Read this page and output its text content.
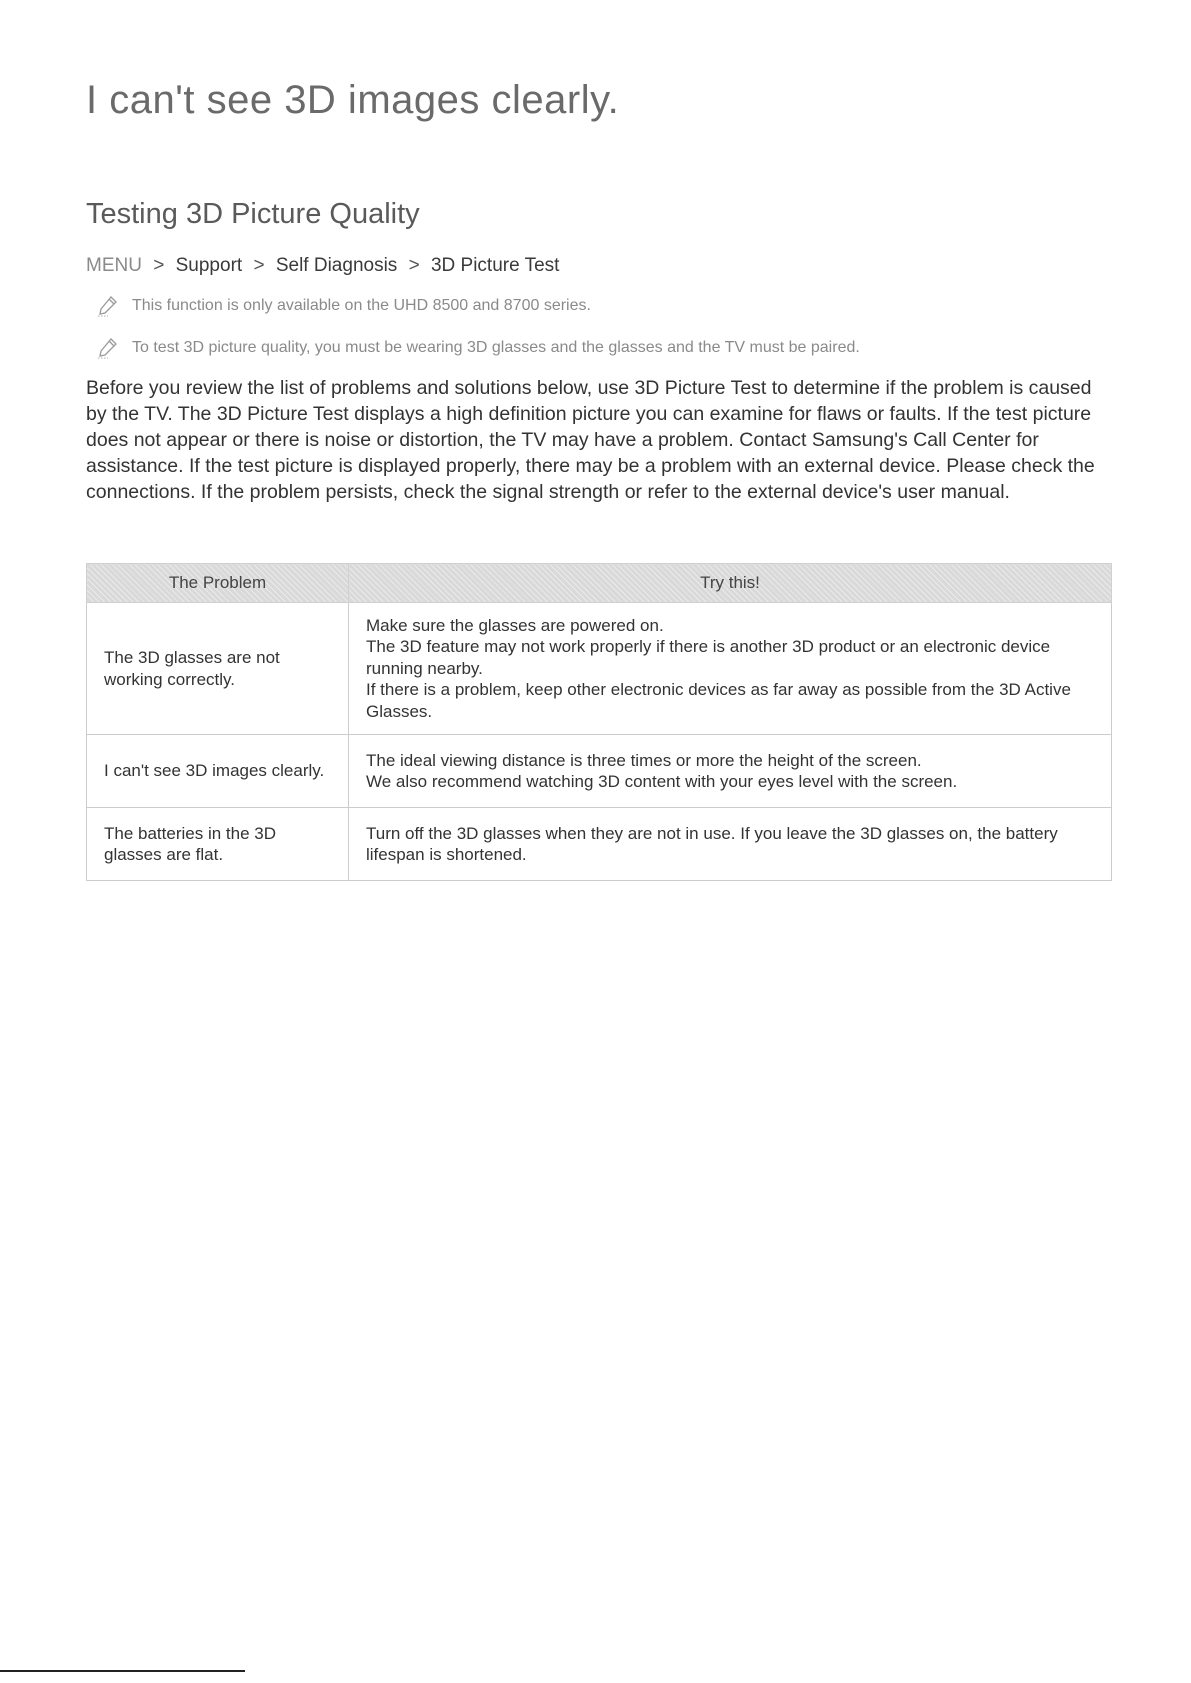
I can't see 3D images clearly.
Testing 3D Picture Quality
MENU > Support > Self Diagnosis > 3D Picture Test
This function is only available on the UHD 8500 and 8700 series.
To test 3D picture quality, you must be wearing 3D glasses and the glasses and the TV must be paired.

Before you review the list of problems and solutions below, use 3D Picture Test to determine if the problem is caused by the TV. The 3D Picture Test displays a high definition picture you can examine for flaws or faults. If the test picture does not appear or there is noise or distortion, the TV may have a problem. Contact Samsung's Call Center for assistance. If the test picture is displayed properly, there may be a problem with an external device. Please check the connections. If the problem persists, check the signal strength or refer to the external device's user manual.

The Problem	Try this!
The 3D glasses are not working correctly.	Make sure the glasses are powered on.
The 3D feature may not work properly if there is another 3D product or an electronic device running nearby.
If there is a problem, keep other electronic devices as far away as possible from the 3D Active Glasses.

I can't see 3D images clearly.	The ideal viewing distance is three times or more the height of the screen.
We also recommend watching 3D content with your eyes level with the screen.

The batteries in the 3D glasses are flat.	Turn off the 3D glasses when they are not in use. If you leave the 3D glasses on, the battery lifespan is shortened.
